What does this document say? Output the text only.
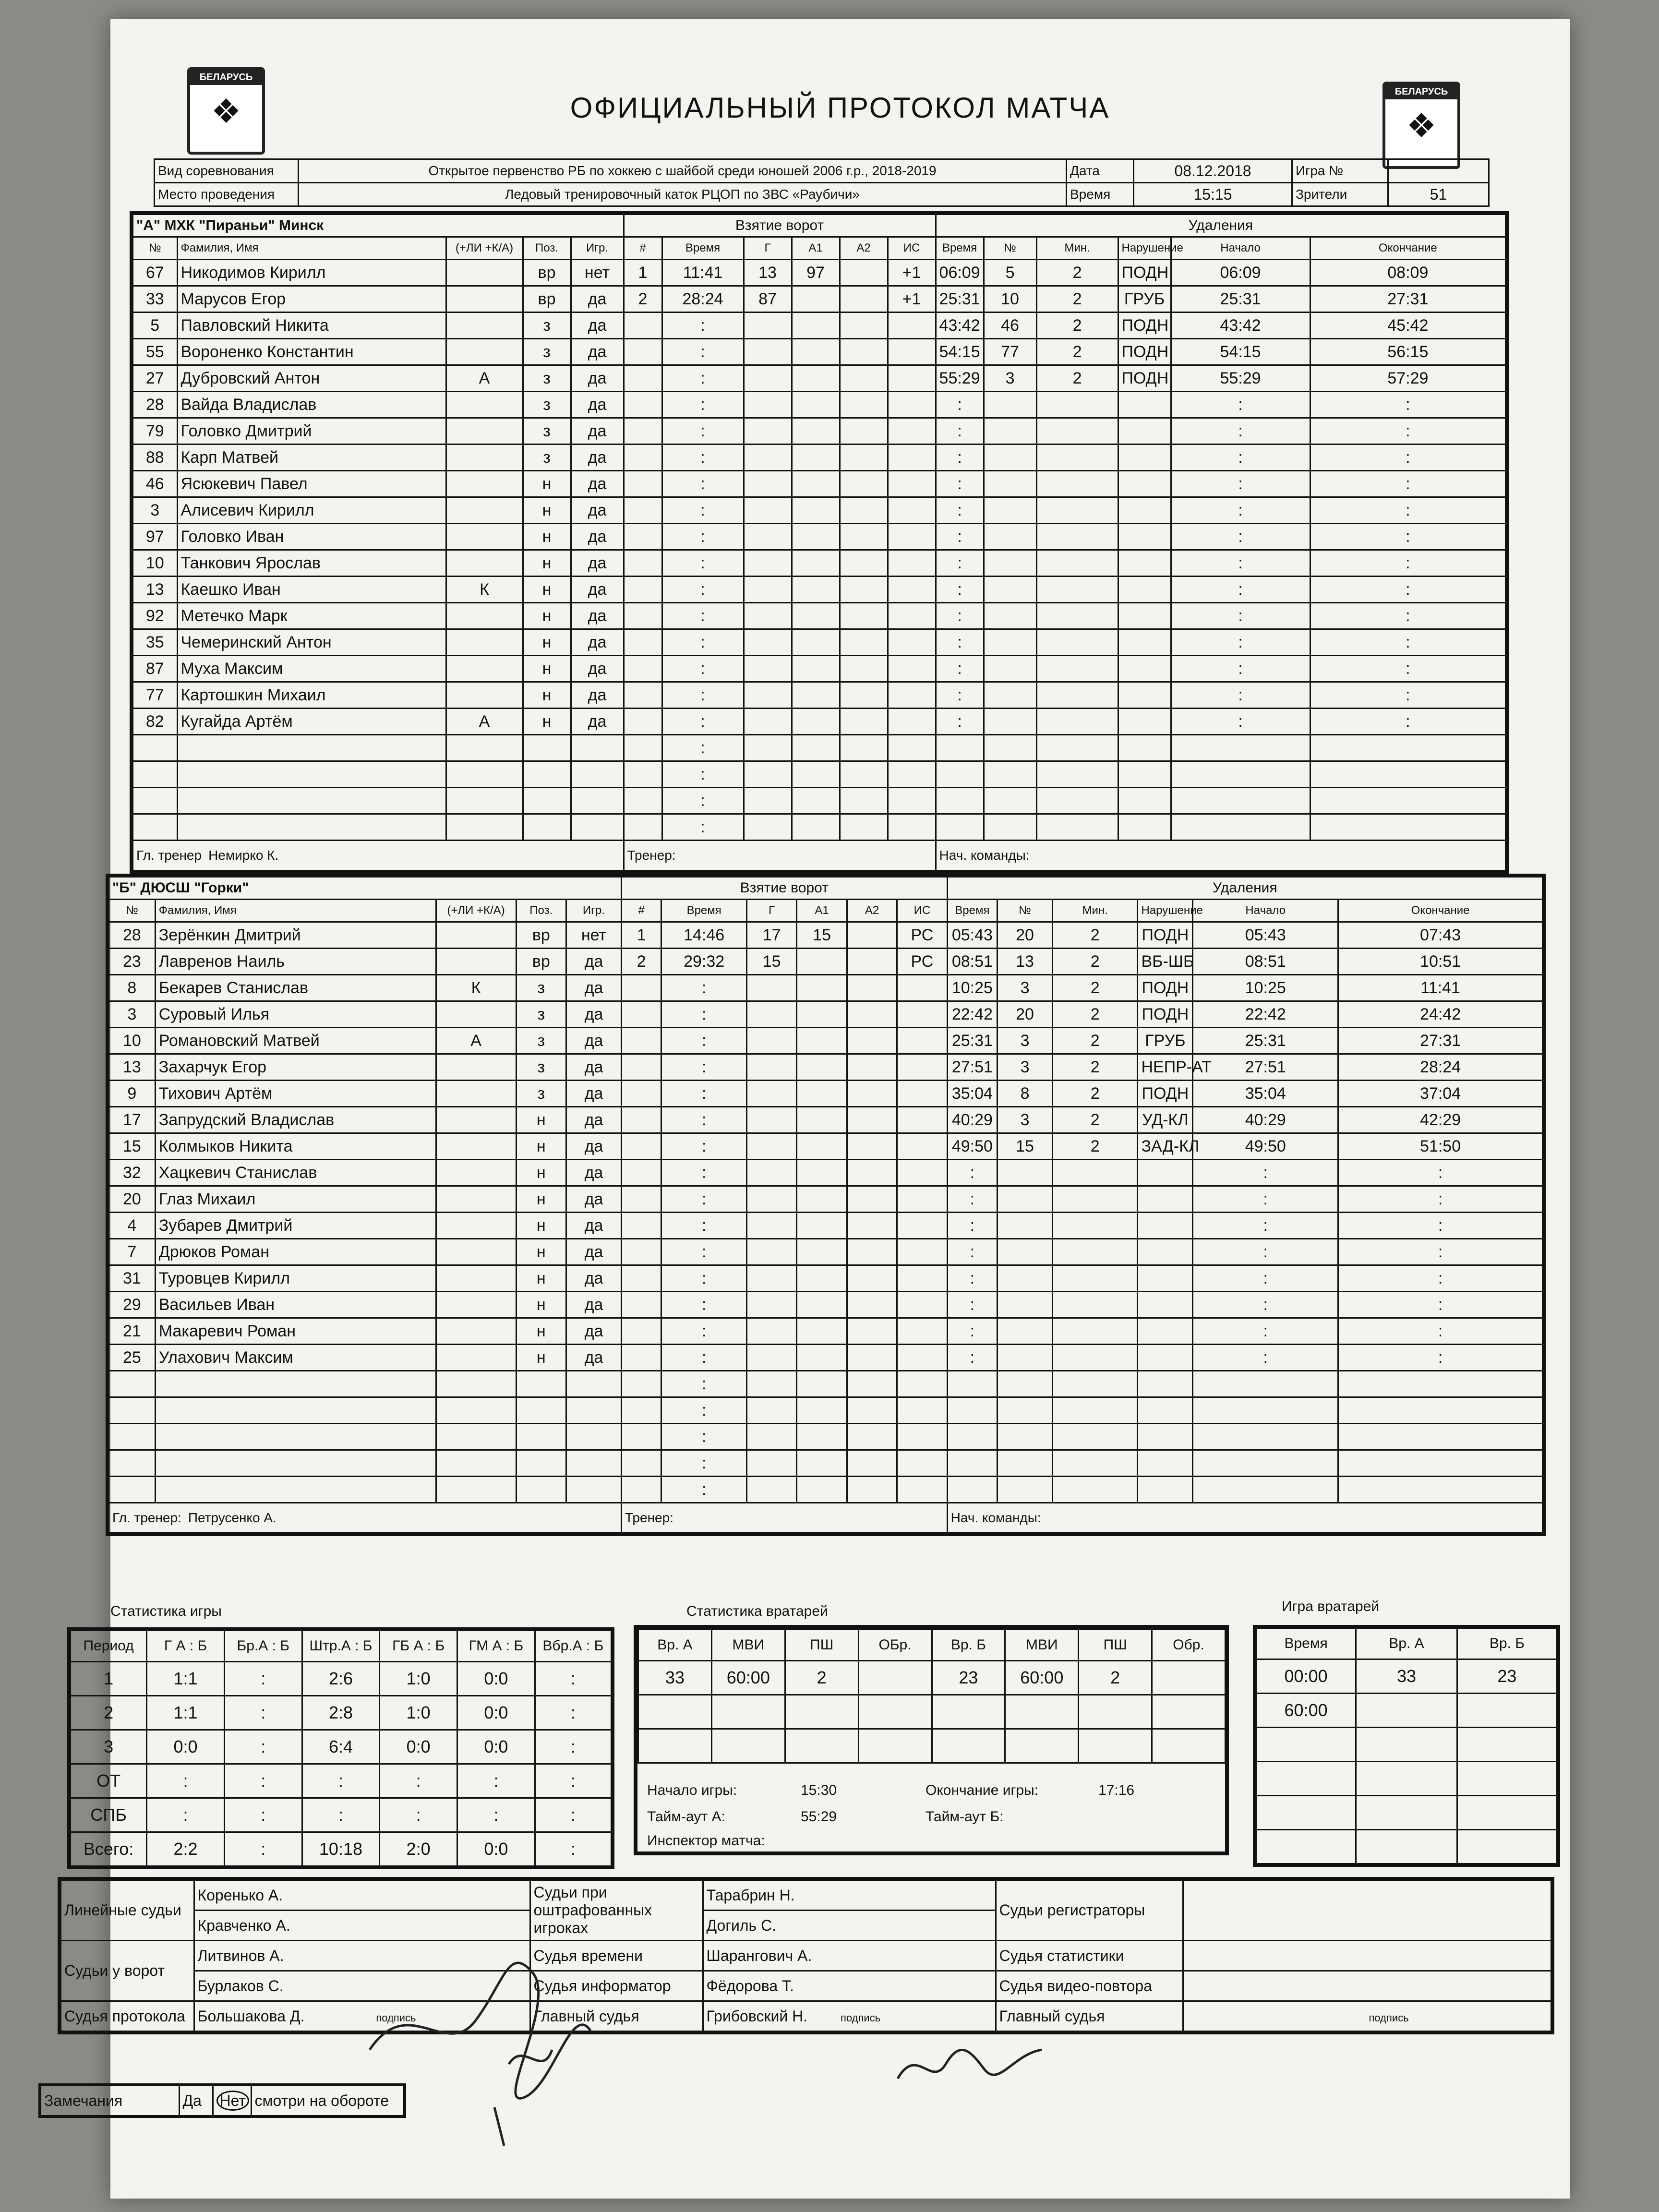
БЕЛАРУСЬ
❖
БЕЛАРУСЬ
❖
ОФИЦИАЛЬНЫЙ ПРОТОКОЛ МАТЧА
Вид соревнования	Открытое первенство РБ по хоккею с шайбой среди юношей 2006 г.р., 2018-2019	Дата	08.12.2018	Игра №	
Место проведения	Ледовый тренировочный каток РЦОП по ЗВС «Раубичи»	Время	15:15	Зрители	51
"А" МХК "Пираньи" Минск					Взятие ворот						Удаления					
№	Фамилия, Имя	(+ЛИ +К/А)	Поз.	Игр.	#	Время	Г	А1	А2	ИС	Время	№	Мин.	Нарушение	Начало	Окончание
67	Никодимов Кирилл		вр	нет	1	11:41	13	97		+1	06:09	5	2	ПОДН	06:09	08:09
33	Марусов Егор		вр	да	2	28:24	87			+1	25:31	10	2	ГРУБ	25:31	27:31
5	Павловский Никита		з	да		:					43:42	46	2	ПОДН	43:42	45:42
55	Вороненко Константин		з	да		:					54:15	77	2	ПОДН	54:15	56:15
27	Дубровский Антон	А	з	да		:					55:29	3	2	ПОДН	55:29	57:29
28	Вайда Владислав		з	да		:					:				:	:
79	Головко Дмитрий		з	да		:					:				:	:
88	Карп Матвей		з	да		:					:				:	:
46	Ясюкевич Павел		н	да		:					:				:	:
3	Алисевич Кирилл		н	да		:					:				:	:
97	Головко Иван		н	да		:					:				:	:
10	Танкович Ярослав		н	да		:					:				:	:
13	Каешко Иван	К	н	да		:					:				:	:
92	Метечко Марк		н	да		:					:				:	:
35	Чемеринский Антон		н	да		:					:				:	:
87	Муха Максим		н	да		:					:				:	:
77	Картошкин Михаил		н	да		:					:				:	:
82	Кугайда Артём	А	н	да		:					:				:	:
						:										
						:										
						:										
						:										
Гл. тренер Немирко К.					Тренер:						Нач. команды:					
"Б" ДЮСШ "Горки"					Взятие ворот						Удаления					
№	Фамилия, Имя	(+ЛИ +К/А)	Поз.	Игр.	#	Время	Г	А1	А2	ИС	Время	№	Мин.	Нарушение	Начало	Окончание
28	Зерёнкин Дмитрий		вр	нет	1	14:46	17	15		РС	05:43	20	2	ПОДН	05:43	07:43
23	Лавренов Наиль		вр	да	2	29:32	15			РС	08:51	13	2	ВБ-ШБ	08:51	10:51
8	Бекарев Станислав	К	з	да		:					10:25	3	2	ПОДН	10:25	11:41
3	Суровый Илья		з	да		:					22:42	20	2	ПОДН	22:42	24:42
10	Романовский Матвей	А	з	да		:					25:31	3	2	ГРУБ	25:31	27:31
13	Захарчук Егор		з	да		:					27:51	3	2	НЕПР-АТ	27:51	28:24
9	Тихович Артём		з	да		:					35:04	8	2	ПОДН	35:04	37:04
17	Запрудский Владислав		н	да		:					40:29	3	2	УД-КЛ	40:29	42:29
15	Колмыков Никита		н	да		:					49:50	15	2	ЗАД-КЛ	49:50	51:50
32	Хацкевич Станислав		н	да		:					:				:	:
20	Глаз Михаил		н	да		:					:				:	:
4	Зубарев Дмитрий		н	да		:					:				:	:
7	Дрюков Роман		н	да		:					:				:	:
31	Туровцев Кирилл		н	да		:					:				:	:
29	Васильев Иван		н	да		:					:				:	:
21	Макаревич Роман		н	да		:					:				:	:
25	Улахович Максим		н	да		:					:				:	:
						:										
						:										
						:										
						:										
						:										
Гл. тренер: Петрусенко А.					Тренер:						Нач. команды:					
Статистика игры
Период	Г А : Б	Бр.А : Б	Штр.А : Б	ГБ А : Б	ГМ А : Б	Вбр.А : Б
1	1:1	:	2:6	1:0	0:0	:
2	1:1	:	2:8	1:0	0:0	:
3	0:0	:	6:4	0:0	0:0	:
ОТ	:	:	:	:	:	:
СПБ	:	:	:	:	:	:
Всего:	2:2	:	10:18	2:0	0:0	:
Статистика вратарей
Вр. А	МВИ	ПШ	ОБр.	Вр. Б	МВИ	ПШ	Обр.
33	60:00	2		23	60:00	2	

Начало игры:	15:30	Окончание игры:	17:16
Тайм-аут А:	55:29	Тайм-аут Б:
Инспектор матча:
Игра вратарей
Время	Вр. А	Вр. Б
00:00	33	23
60:00		

Линейные судьи	Коренько А.	Судьи при оштрафованных игроках	Тарабрин Н.	Судьи регистраторы	
	Кравченко А.		Догиль С.		
Судьи у ворот	Литвинов А.	Судья времени	Шарангович А.	Судья статистики	
	Бурлаков С.	Судья информатор	Фёдорова Т.	Судья видео-повтора	
Судья протокола	Большакова Д. подпись	Главный судья	Грибовский Н. подпись	Главный судья	подпись
Замечания	Да	Нет	смотри на обороте
